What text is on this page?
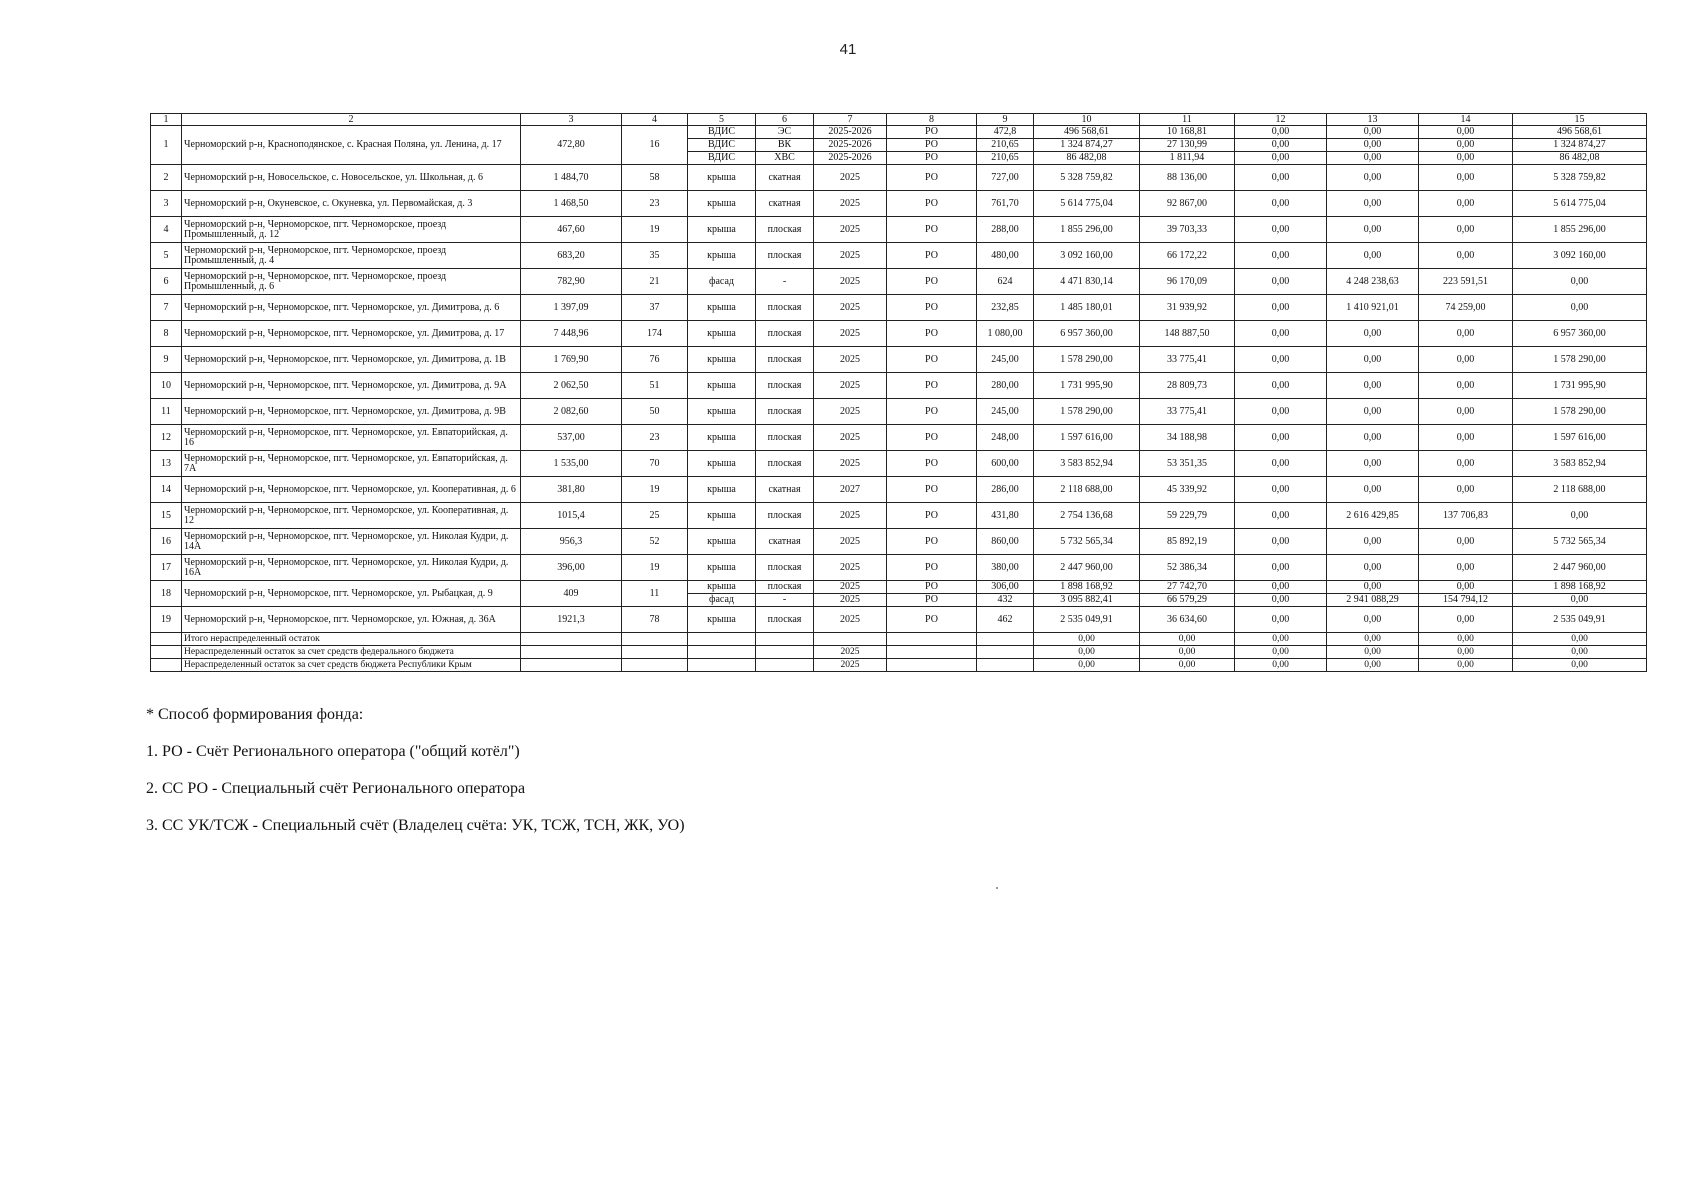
41
1	2	3	4	5	6	7	8	9	10	11	12	13	14	15
1	Черноморский р-н, Красноподянское, с. Красная Поляна, ул. Ленина, д. 17	472,80	16	ВДИС	ЭС	2025-2026	РО	472,8	496 568,61	10 168,81	0,00	0,00	0,00	496 568,61
				ВДИС	ВК	2025-2026	РО	210,65	1 324 874,27	27 130,99	0,00	0,00	0,00	1 324 874,27
				ВДИС	ХВС	2025-2026	РО	210,65	86 482,08	1 811,94	0,00	0,00	0,00	86 482,08
2	Черноморский р-н, Новосельское, с. Новосельское, ул. Школьная, д. 6	1 484,70	58	крыша	скатная	2025	РО	727,00	5 328 759,82	88 136,00	0,00	0,00	0,00	5 328 759,82
3	Черноморский р-н, Окуневское, с. Окуневка, ул. Первомайская, д. 3	1 468,50	23	крыша	скатная	2025	РО	761,70	5 614 775,04	92 867,00	0,00	0,00	0,00	5 614 775,04
4	Черноморский р-н, Черноморское, пгт. Черноморское, проезд Промышленный, д. 12	467,60	19	крыша	плоская	2025	РО	288,00	1 855 296,00	39 703,33	0,00	0,00	0,00	1 855 296,00
5	Черноморский р-н, Черноморское, пгт. Черноморское, проезд Промышленный, д. 4	683,20	35	крыша	плоская	2025	РО	480,00	3 092 160,00	66 172,22	0,00	0,00	0,00	3 092 160,00
6	Черноморский р-н, Черноморское, пгт. Черноморское, проезд Промышленный, д. 6	782,90	21	фасад	-	2025	РО	624	4 471 830,14	96 170,09	0,00	4 248 238,63	223 591,51	0,00
7	Черноморский р-н, Черноморское, пгт. Черноморское, ул. Димитрова, д. 6	1 397,09	37	крыша	плоская	2025	РО	232,85	1 485 180,01	31 939,92	0,00	1 410 921,01	74 259,00	0,00
8	Черноморский р-н, Черноморское, пгт. Черноморское, ул. Димитрова, д. 17	7 448,96	174	крыша	плоская	2025	РО	1 080,00	6 957 360,00	148 887,50	0,00	0,00	0,00	6 957 360,00
9	Черноморский р-н, Черноморское, пгт. Черноморское, ул. Димитрова, д. 1В	1 769,90	76	крыша	плоская	2025	РО	245,00	1 578 290,00	33 775,41	0,00	0,00	0,00	1 578 290,00
10	Черноморский р-н, Черноморское, пгт. Черноморское, ул. Димитрова, д. 9А	2 062,50	51	крыша	плоская	2025	РО	280,00	1 731 995,90	28 809,73	0,00	0,00	0,00	1 731 995,90
11	Черноморский р-н, Черноморское, пгт. Черноморское, ул. Димитрова, д. 9В	2 082,60	50	крыша	плоская	2025	РО	245,00	1 578 290,00	33 775,41	0,00	0,00	0,00	1 578 290,00
12	Черноморский р-н, Черноморское, пгт. Черноморское, ул. Евпаторийская, д. 16	537,00	23	крыша	плоская	2025	РО	248,00	1 597 616,00	34 188,98	0,00	0,00	0,00	1 597 616,00
13	Черноморский р-н, Черноморское, пгт. Черноморское, ул. Евпаторийская, д. 7А	1 535,00	70	крыша	плоская	2025	РО	600,00	3 583 852,94	53 351,35	0,00	0,00	0,00	3 583 852,94
14	Черноморский р-н, Черноморское, пгт. Черноморское, ул. Кооперативная, д. 6	381,80	19	крыша	скатная	2027	РО	286,00	2 118 688,00	45 339,92	0,00	0,00	0,00	2 118 688,00
15	Черноморский р-н, Черноморское, пгт. Черноморское, ул. Кооперативная, д. 12	1015,4	25	крыша	плоская	2025	РО	431,80	2 754 136,68	59 229,79	0,00	2 616 429,85	137 706,83	0,00
16	Черноморский р-н, Черноморское, пгт. Черноморское, ул. Николая Кудри, д. 14А	956,3	52	крыша	скатная	2025	РО	860,00	5 732 565,34	85 892,19	0,00	0,00	0,00	5 732 565,34
17	Черноморский р-н, Черноморское, пгт. Черноморское, ул. Николая Кудри, д. 16А	396,00	19	крыша	плоская	2025	РО	380,00	2 447 960,00	52 386,34	0,00	0,00	0,00	2 447 960,00
18	Черноморский р-н, Черноморское, пгт. Черноморское, ул. Рыбацкая, д. 9	409	11	крыша	плоская	2025	РО	306,00	1 898 168,92	27 742,70	0,00	0,00	0,00	1 898 168,92
				фасад	-	2025	РО	432	3 095 882,41	66 579,29	0,00	2 941 088,29	154 794,12	0,00
19	Черноморский р-н, Черноморское, пгт. Черноморское, ул. Южная, д. 36А	1921,3	78	крыша	плоская	2025	РО	462	2 535 049,91	36 634,60	0,00	0,00	0,00	2 535 049,91
	Итого нераспределенный остаток								0,00	0,00	0,00	0,00	0,00	0,00
	Нераспределенный остаток за счет средств федерального бюджета					2025			0,00	0,00	0,00	0,00	0,00	0,00
	Нераспределенный остаток за счет средств бюджета Республики Крым					2025			0,00	0,00	0,00	0,00	0,00	0,00

* Способ формирования фонда:

1. РО - Счёт Регионального оператора ("общий котёл")

2. СС РО - Специальный счёт Регионального оператора

3. СС УК/ТСЖ - Специальный счёт (Владелец счёта: УК, ТСЖ, ТСН, ЖК, УО)
